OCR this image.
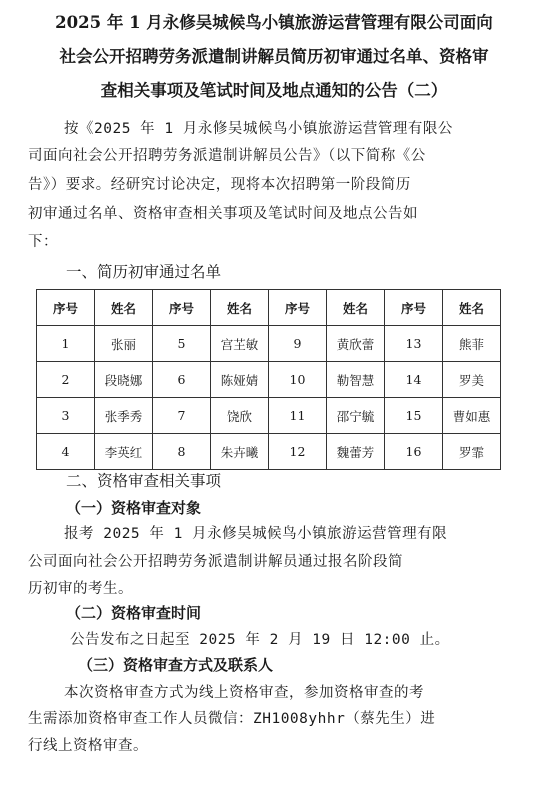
2025 年 1 月永修吴城候鸟小镇旅游运营管理有限公司面向
社会公开招聘劳务派遣制讲解员简历初审通过名单、资格审
查相关事项及笔试时间及地点通知的公告（二）
按《2025 年 1 月永修吴城候鸟小镇旅游运营管理有限公
司面向社会公开招聘劳务派遣制讲解员公告》（以下简称《公
告》）要求。经研究讨论决定，现将本次招聘第一阶段简历
初审通过名单、资格审查相关事项及笔试时间及地点公告如
下：
一、简历初审通过名单
序号	姓名	序号	姓名	序号	姓名	序号	姓名
1	张丽	5	宫芏敏	9	黄欣蕾	13	熊菲
2	段晓娜	6	陈娅婧	10	勒智慧	14	罗美
3	张季秀	7	饶欣	11	邵宁毓	15	曹如惠
4	李英红	8	朱卉曦	12	魏蕾芳	16	罗霏
二、资格审查相关事项
（一）资格审查对象
报考 2025 年 1 月永修吴城候鸟小镇旅游运营管理有限
公司面向社会公开招聘劳务派遣制讲解员通过报名阶段简
历初审的考生。
（二）资格审查时间
公告发布之日起至 2025 年 2 月 19 日 12:00 止。
（三）资格审查方式及联系人
本次资格审查方式为线上资格审查，参加资格审查的考
生需添加资格审查工作人员微信：ZH1008yhhr（蔡先生）进
行线上资格审查。
